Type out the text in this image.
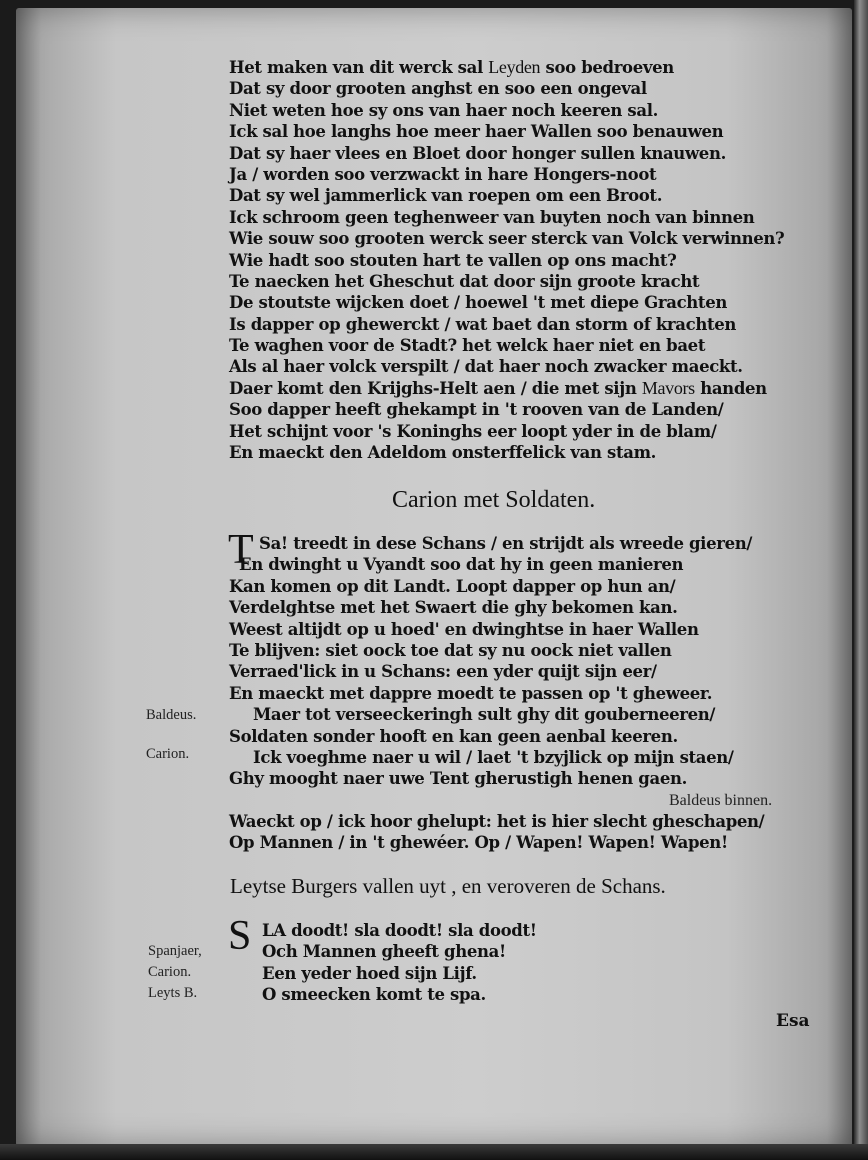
Het maken van dit werck sal Leyden soo bedroeven
Dat sy door grooten anghst en soo een ongeval
Niet weten hoe sy ons van haer noch keeren sal.
Ick sal hoe langhs hoe meer haer Wallen soo benauwen
Dat sy haer vlees en Bloet door honger sullen knauwen.
Ja / worden soo verzwackt in hare Hongers-noot
Dat sy wel jammerlick van roepen om een Broot.
Ick schroom geen teghenweer van buyten noch van binnen
Wie souw soo grooten werck seer sterck van Volck verwinnen?
Wie hadt soo stouten hart te vallen op ons macht?
Te naecken het Gheschut dat door sijn groote kracht
De stoutste wijcken doet / hoewel 't met diepe Grachten
Is dapper op ghewerckt / wat baet dan storm of krachten
Te waghen voor de Stadt? het welck haer niet en baet
Als al haer volck verspilt / dat haer noch zwacker maeckt.
Daer komt den Krijghs-Helt aen / die met sijn Mavors handen
Soo dapper heeft ghekampt in 't rooven van de Landen/
Het schijnt voor 's Koninghs eer loopt yder in de blam/
En maeckt den Adeldom onsterffelick van stam.
Carion met Soldaten.
T Sa! treedt in dese Schans / en strijdt als wreede gieren/
En dwinght u Vyandt soo dat hy in geen manieren
Kan komen op dit Landt. Loopt dapper op hun an/
Verdelghtse met het Swaert die ghy bekomen kan.
Weest altijdt op u hoed' en dwinghtse in haer Wallen
Te blijven: siet oock toe dat sy nu oock niet vallen
Verraed'lick in u Schans: een yder quijt sijn eer/
En maeckt met dappre moedt te passen op 't gheweer.
Maer tot verseeckeringh sult ghy dit gouberneeren/
Soldaten sonder hooft en kan geen aenbal keeren.
Ick voeghme naer u wil / laet 't bzyjlick op mijn staen/
Ghy mooght naer uwe Tent gherustigh henen gaen.
Baldeus.
Carion.
Baldeus binnen.
Waeckt op / ick hoor ghelupt: het is hier slecht gheschapen/
Op Mannen / in 't ghewéer. Op / Wapen! Wapen! Wapen!
Leytse Burgers vallen uyt , en veroveren de Schans.
S LA doodt! sla doodt! sla doodt!
Och Mannen gheeft ghena!
Een yeder hoed sijn Lijf.
O smeecken komt te spa.
Spanjaer,
Carion.
Leyts B.
Esa
